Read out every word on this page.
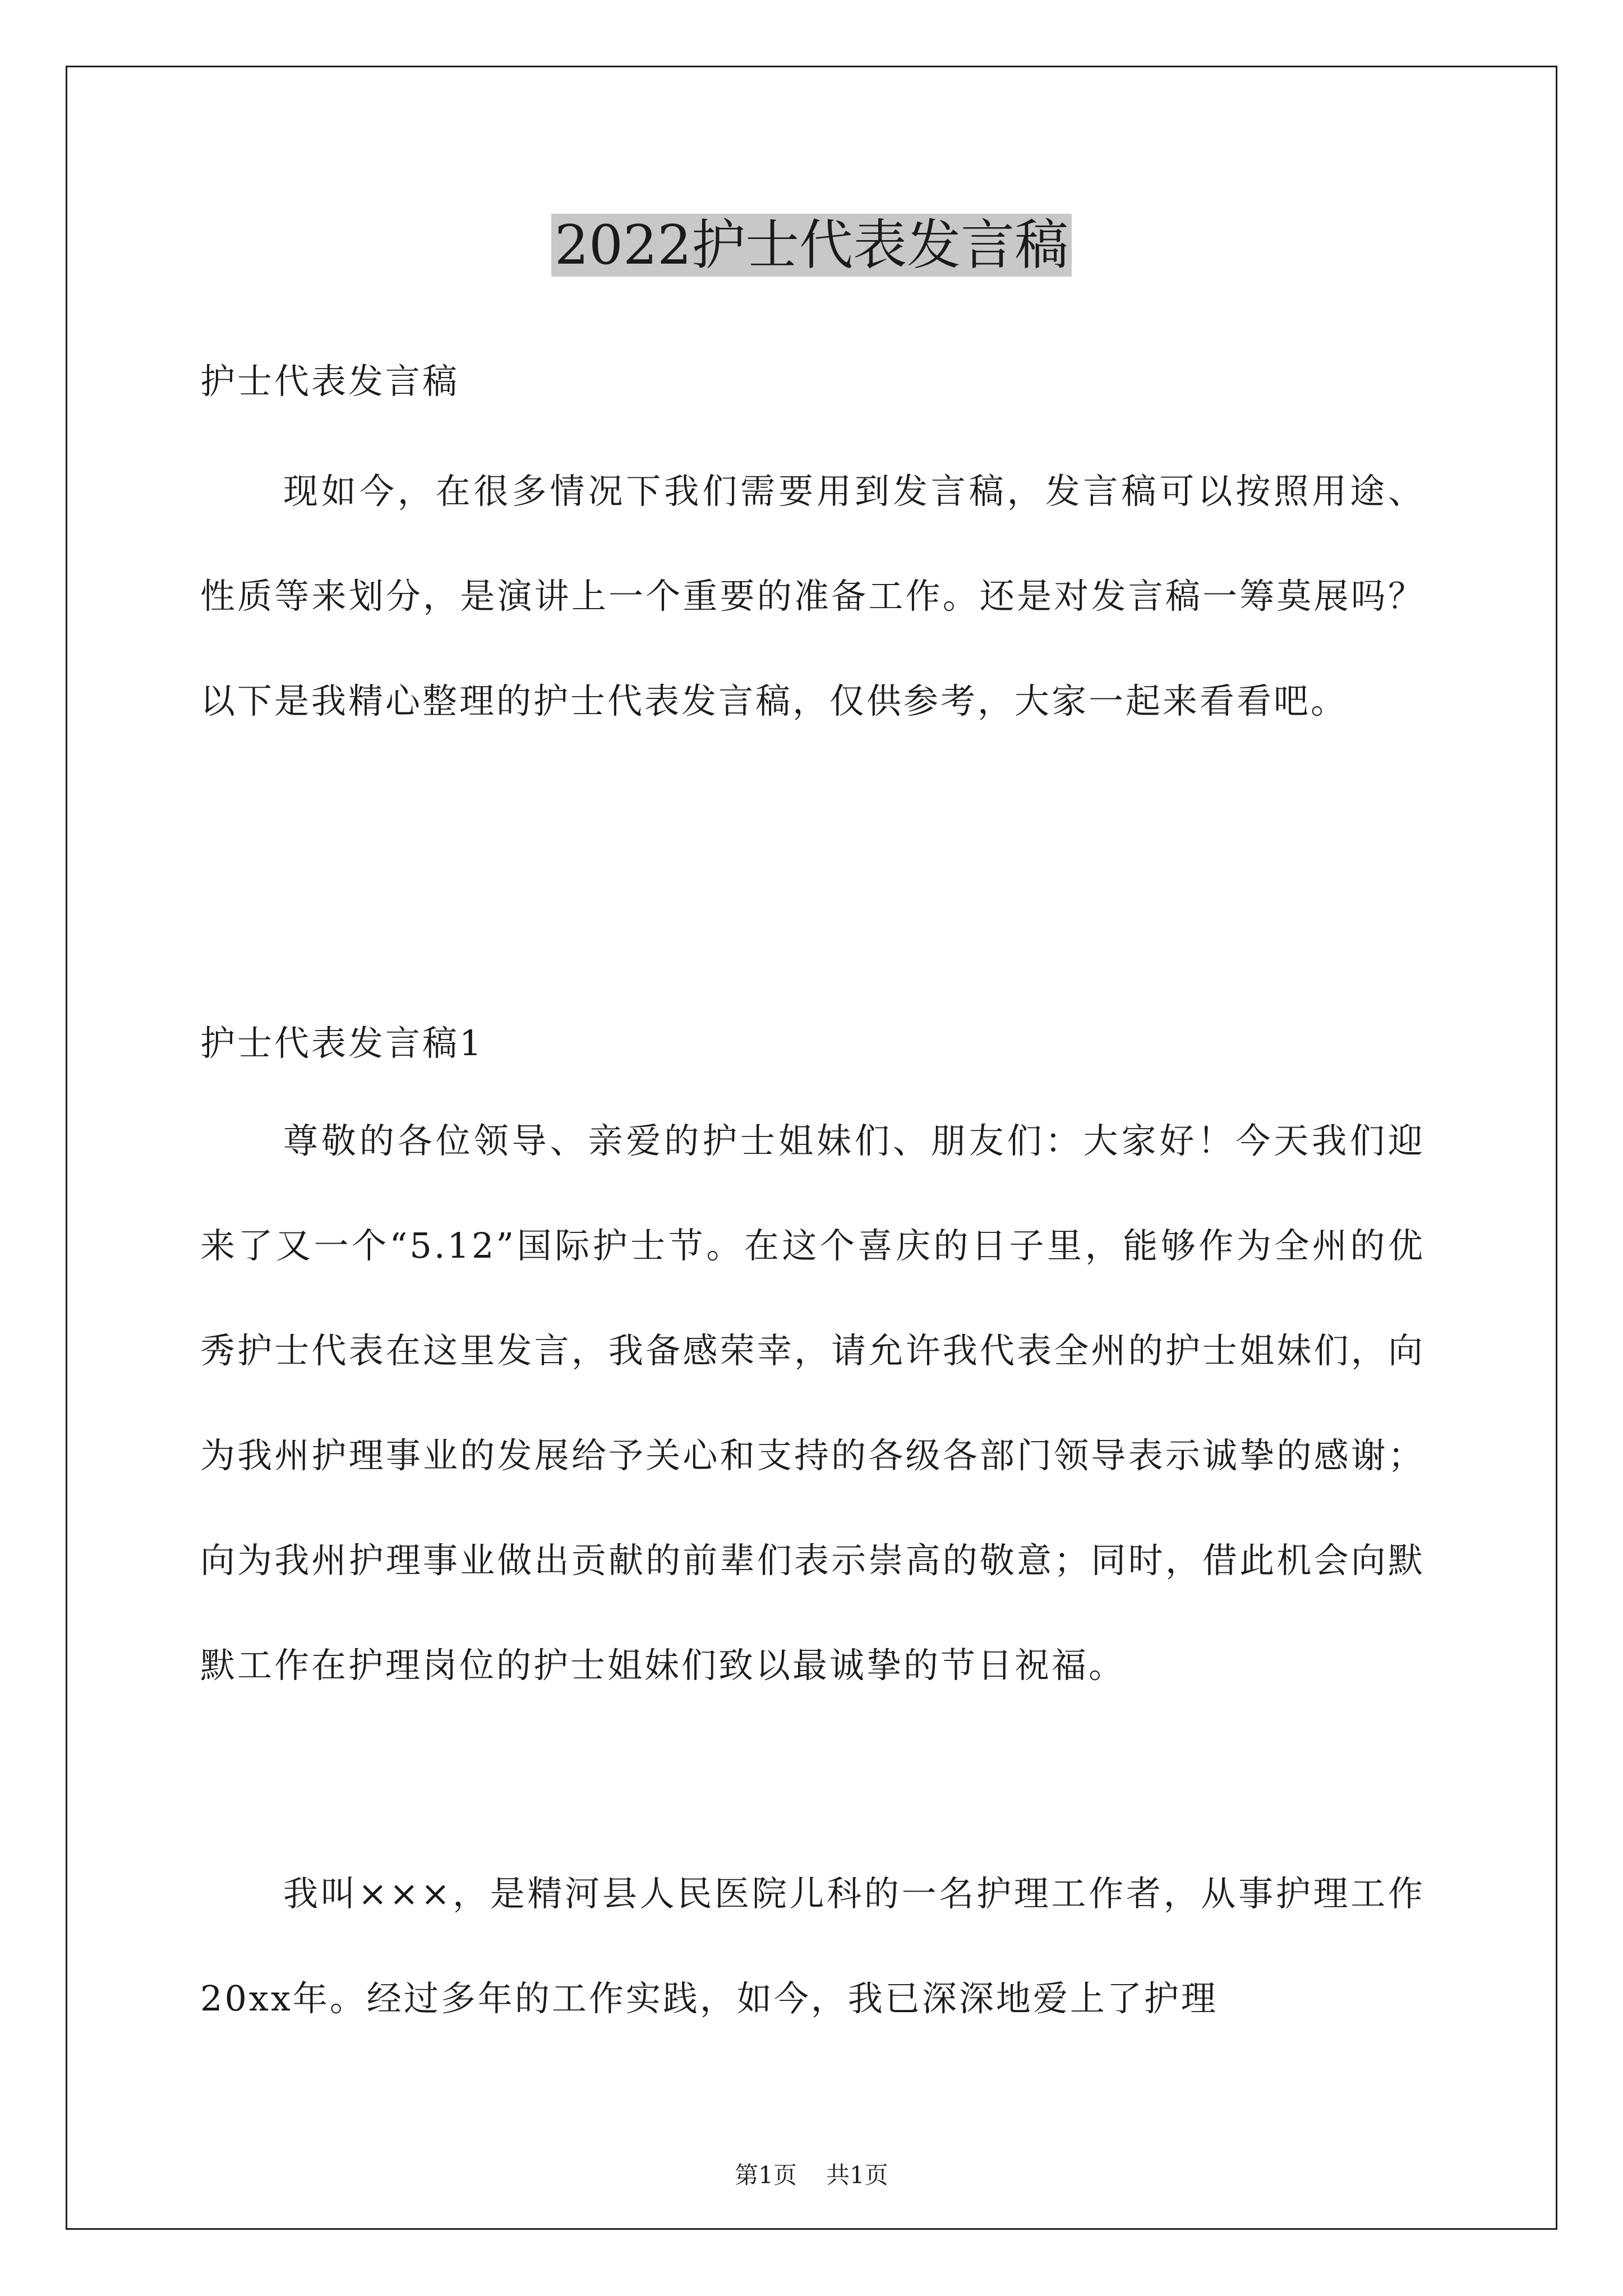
2022护士代表发言稿
护士代表发言稿
现如今，在很多情况下我们需要用到发言稿，发言稿可以按照用途、性质等来划分，是演讲上一个重要的准备工作。还是对发言稿一筹莫展吗？以下是我精心整理的护士代表发言稿，仅供参考，大家一起来看看吧。
护士代表发言稿1
尊敬的各位领导、亲爱的护士姐妹们、朋友们：大家好！今天我们迎来了又一个“5.12”国际护士节。在这个喜庆的日子里，能够作为全州的优秀护士代表在这里发言，我备感荣幸，请允许我代表全州的护士姐妹们，向为我州护理事业的发展给予关心和支持的各级各部门领导表示诚挚的感谢；向为我州护理事业做出贡献的前辈们表示崇高的敬意；同时，借此机会向默默工作在护理岗位的护士姐妹们致以最诚挚的节日祝福。
我叫×××，是精河县人民医院儿科的一名护理工作者，从事护理工作20xx年。经过多年的工作实践，如今，我已深深地爱上了护理
第1页 共1页
